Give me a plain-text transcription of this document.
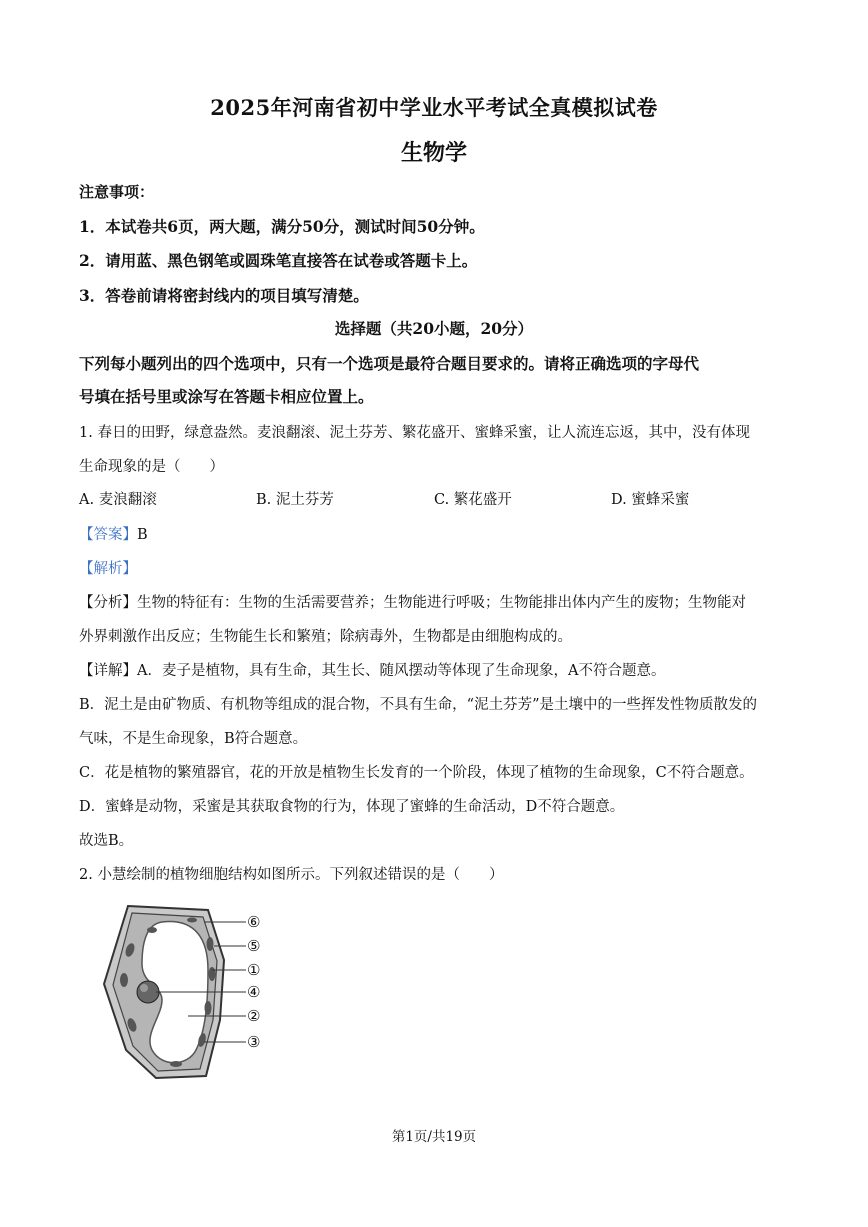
2025年河南省初中学业水平考试全真模拟试卷
生物学
注意事项：
1．本试卷共6页，两大题，满分50分，测试时间50分钟。
2．请用蓝、黑色钢笔或圆珠笔直接答在试卷或答题卡上。
3．答卷前请将密封线内的项目填写清楚。
选择题（共20小题，20分）
下列每小题列出的四个选项中，只有一个选项是最符合题目要求的。请将正确选项的字母代
号填在括号里或涂写在答题卡相应位置上。
1. 春日的田野，绿意盎然。麦浪翻滚、泥土芬芳、繁花盛开、蜜蜂采蜜，让人流连忘返，其中，没有体现
生命现象的是（　　）
A. 麦浪翻滚	B. 泥土芬芳	C. 繁花盛开	D. 蜜蜂采蜜
【答案】B
【解析】
【分析】生物的特征有：生物的生活需要营养；生物能进行呼吸；生物能排出体内产生的废物；生物能对
外界刺激作出反应；生物能生长和繁殖；除病毒外，生物都是由细胞构成的。
【详解】A．麦子是植物，具有生命，其生长、随风摆动等体现了生命现象，A不符合题意。
B．泥土是由矿物质、有机物等组成的混合物，不具有生命，“泥土芬芳”是土壤中的一些挥发性物质散发的
气味，不是生命现象，B符合题意。
C．花是植物的繁殖器官，花的开放是植物生长发育的一个阶段，体现了植物的生命现象，C不符合题意。
D．蜜蜂是动物，采蜜是其获取食物的行为，体现了蜜蜂的生命活动，D不符合题意。
故选B。
2. 小慧绘制的植物细胞结构如图所示。下列叙述错误的是（　　）
⑥
⑤
①
④
②
③
第1页/共19页
